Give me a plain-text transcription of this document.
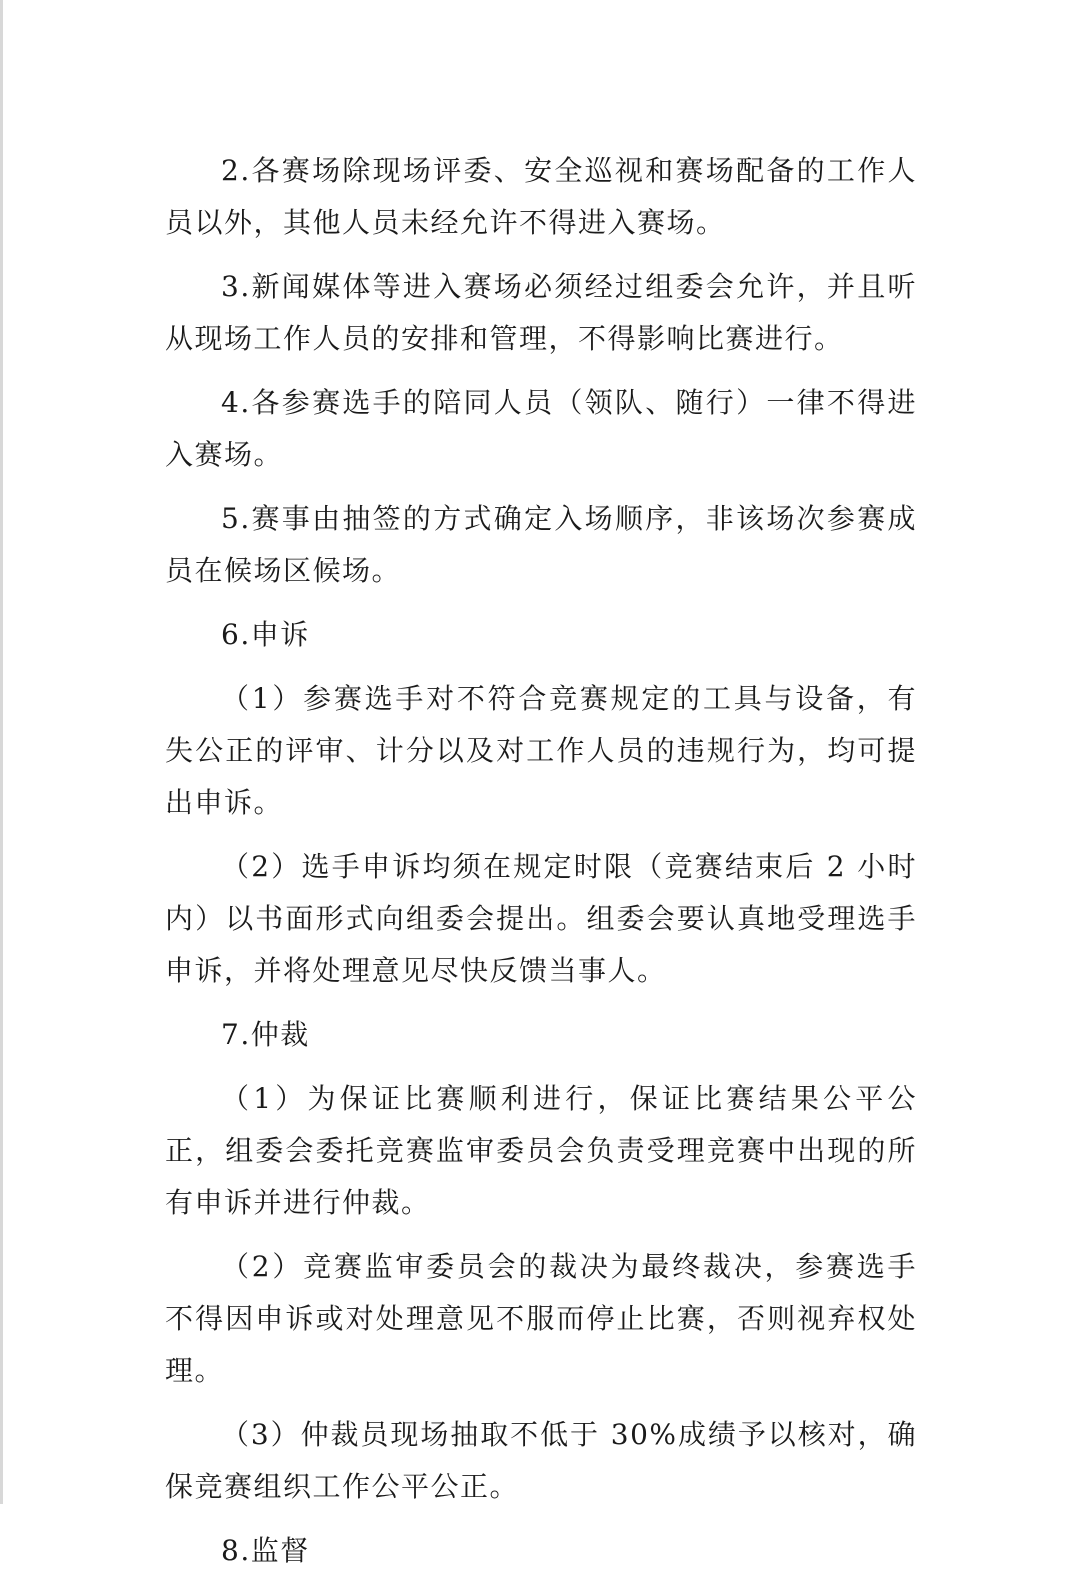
2.各赛场除现场评委、安全巡视和赛场配备的工作人员以外，其他人员未经允许不得进入赛场。

3.新闻媒体等进入赛场必须经过组委会允许，并且听从现场工作人员的安排和管理，不得影响比赛进行。

4.各参赛选手的陪同人员（领队、随行）一律不得进入赛场。

5.赛事由抽签的方式确定入场顺序，非该场次参赛成员在候场区候场。

6.申诉

（1）参赛选手对不符合竞赛规定的工具与设备，有失公正的评审、计分以及对工作人员的违规行为，均可提出申诉。

（2）选手申诉均须在规定时限（竞赛结束后 2 小时内）以书面形式向组委会提出。组委会要认真地受理选手申诉，并将处理意见尽快反馈当事人。

7.仲裁

（1）为保证比赛顺利进行，保证比赛结果公平公正，组委会委托竞赛监审委员会负责受理竞赛中出现的所有申诉并进行仲裁。

（2）竞赛监审委员会的裁决为最终裁决，参赛选手不得因申诉或对处理意见不服而停止比赛，否则视弃权处理。

（3）仲裁员现场抽取不低于 30%成绩予以核对，确保竞赛组织工作公平公正。

8.监督
